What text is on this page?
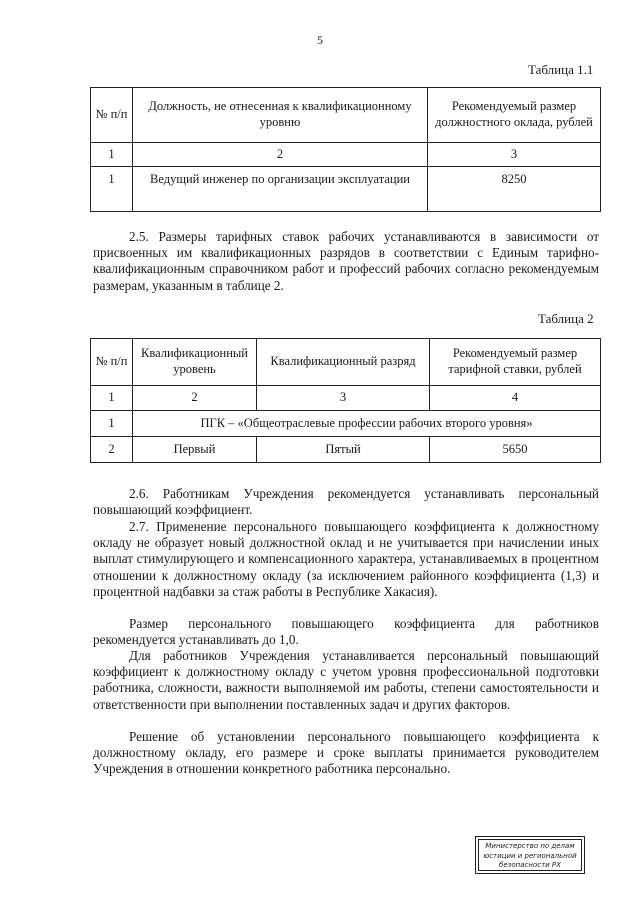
5
Таблица 1.1
№ п/п	Должность, не отнесенная к квалификационному уровню	Рекомендуемый размер должностного оклада, рублей
1	2	3
1	Ведущий инженер по организации эксплуатации	8250
2.5. Размеры тарифных ставок рабочих устанавливаются в зависимости от присвоенных им квалификационных разрядов в соответствии с Единым тарифно-квалификационным справочником работ и профессий рабочих согласно рекомендуемым размерам, указанным в таблице 2.
Таблица 2
№ п/п	Квалификационный уровень	Квалификационный разряд	Рекомендуемый размер тарифной ставки, рублей
1	2	3	4
1	ПГК – «Общеотраслевые профессии рабочих второго уровня»		
2	Первый	Пятый	5650
2.6. Работникам Учреждения рекомендуется устанавливать персональный повышающий коэффициент.
2.7. Применение персонального повышающего коэффициента к должностному окладу не образует новый должностной оклад и не учитывается при начислении иных выплат стимулирующего и компенсационного характера, устанавливаемых в процентном отношении к должностному окладу (за исключением районного коэффициента (1,3) и процентной надбавки за стаж работы в Республике Хакасия).
Размер персонального повышающего коэффициента для работников рекомендуется устанавливать до 1,0.
Для работников Учреждения устанавливается персональный повышающий коэффициент к должностному окладу с учетом уровня профессиональной подготовки работника, сложности, важности выполняемой им работы, степени самостоятельности и ответственности при выполнении поставленных задач и других факторов.
Решение об установлении персонального повышающего коэффициента к должностному окладу, его размере и сроке выплаты принимается руководителем Учреждения в отношении конкретного работника персонально.
Министерство по делам
юстиции и региональной
безопасности РХ
